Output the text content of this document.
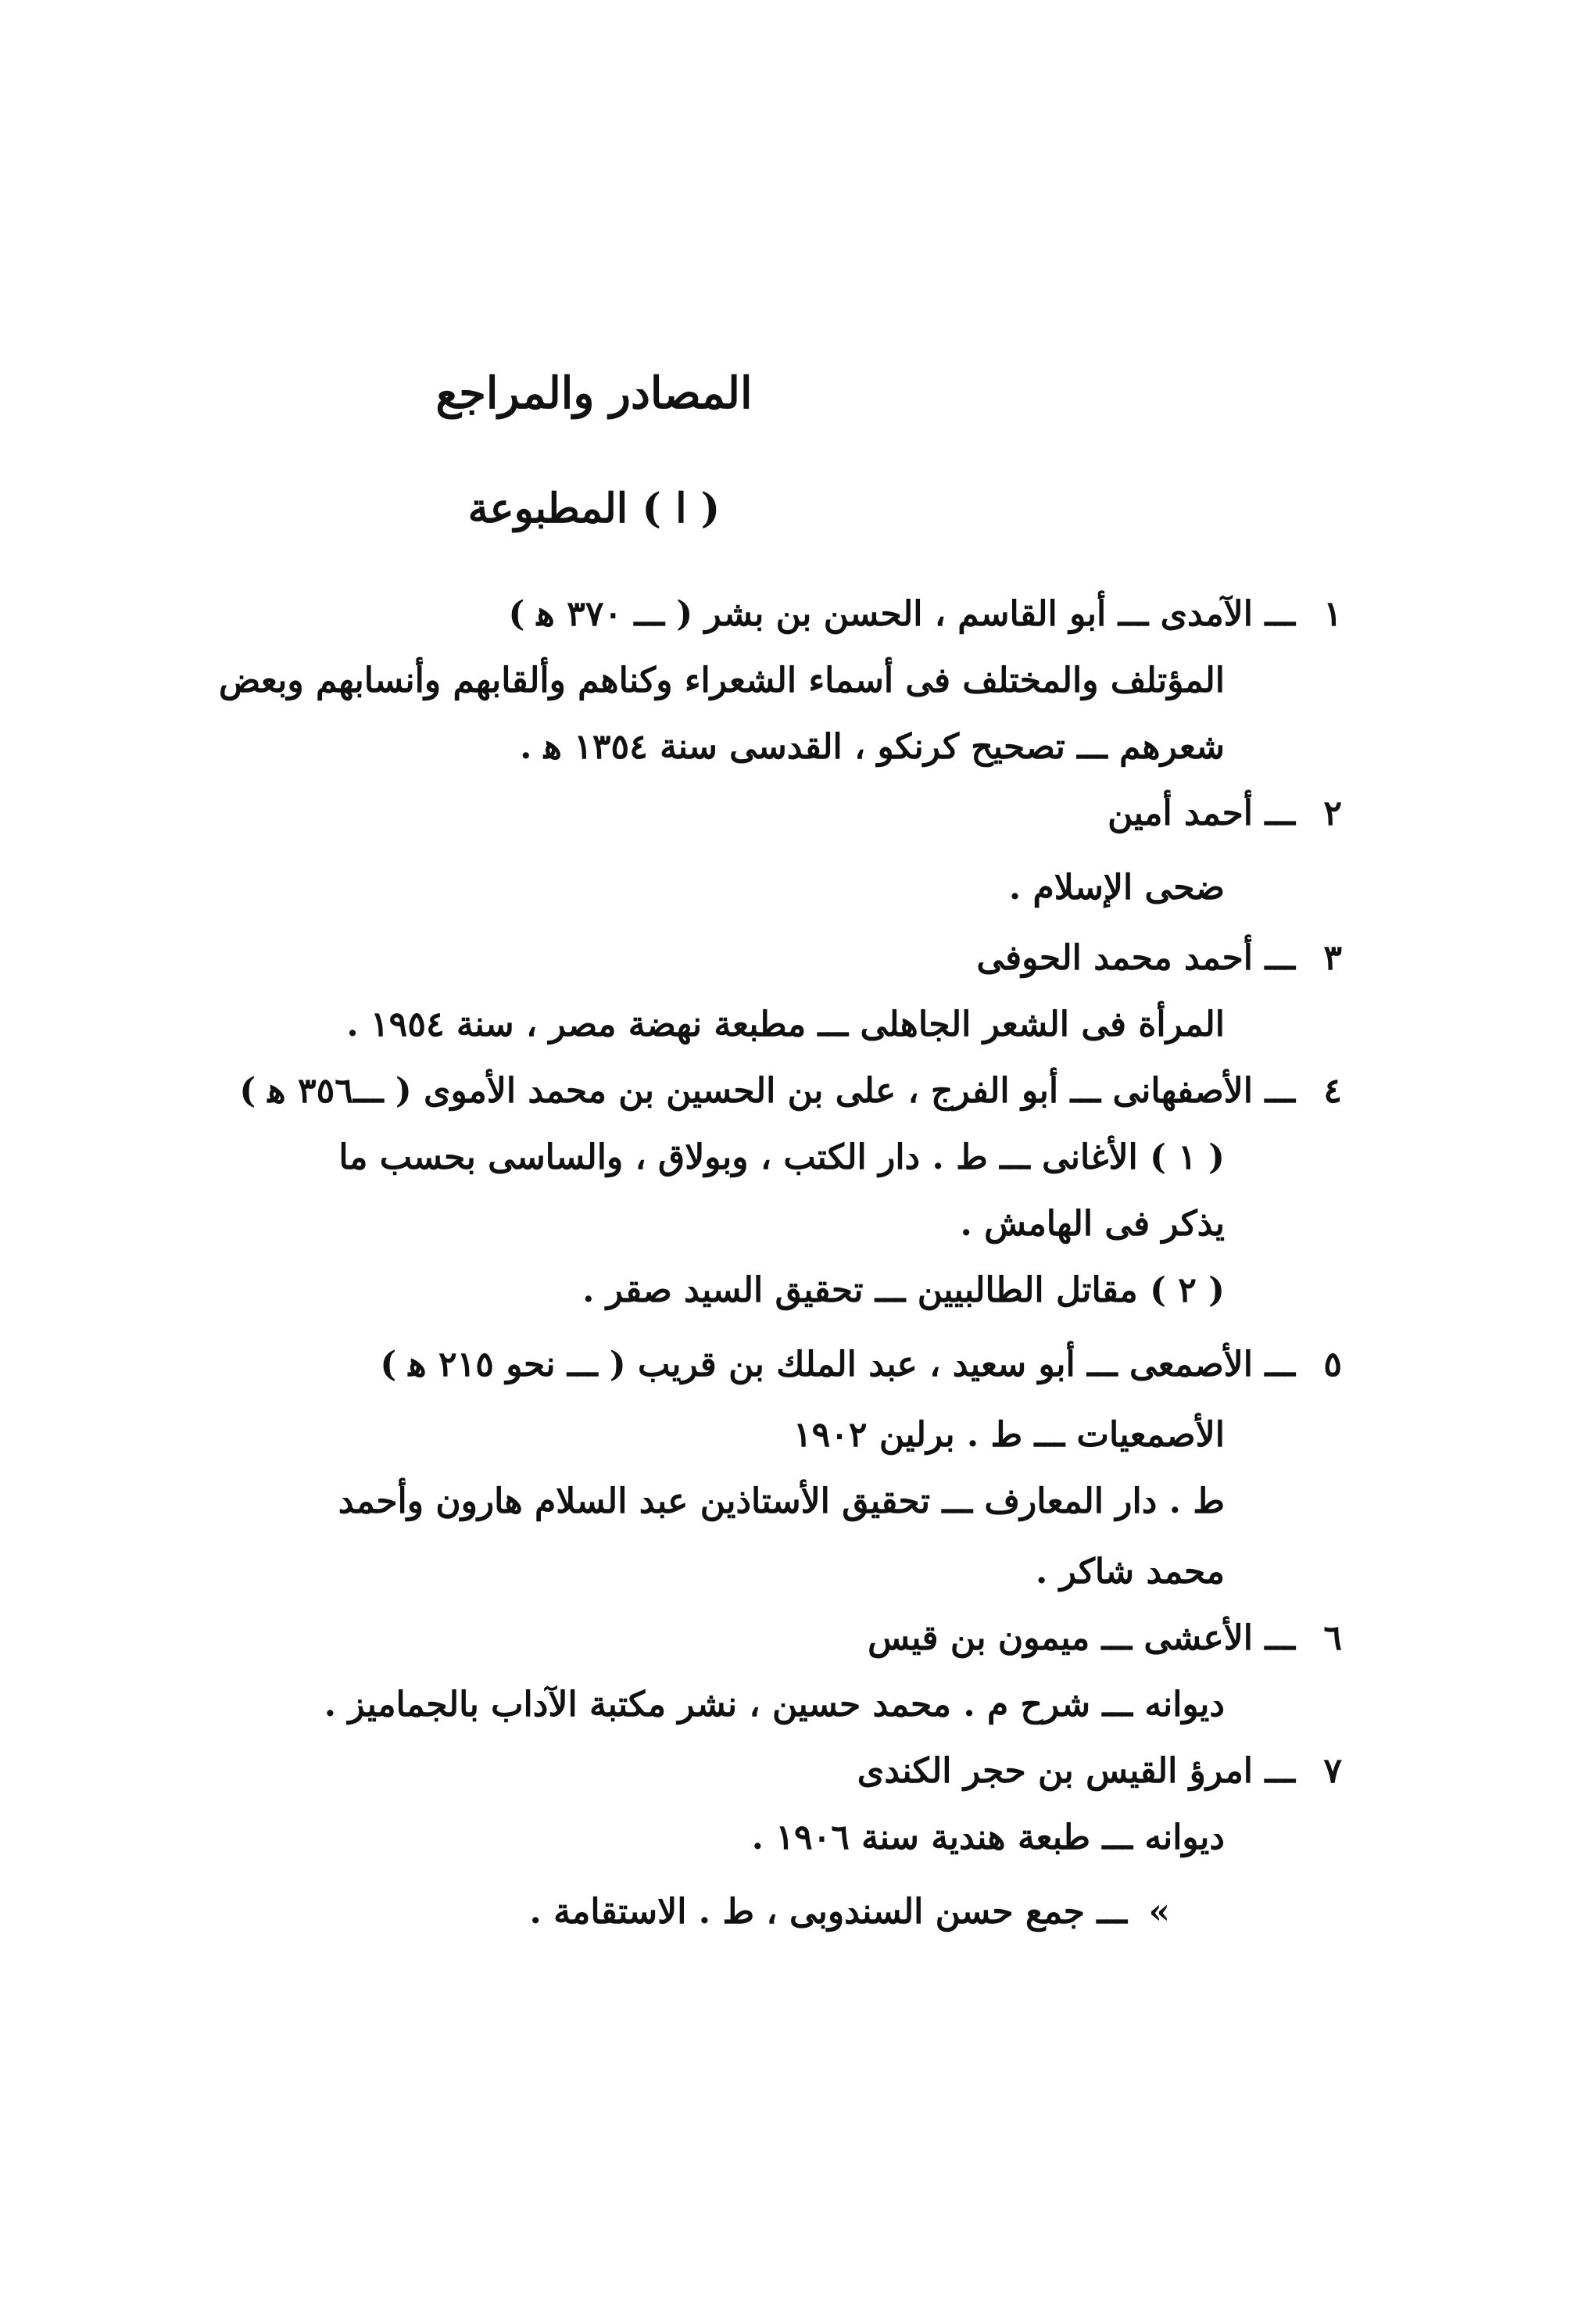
المصادر والمراجع
( ا ) المطبوعة
١
ـــ الآمدى ـــ أبو القاسم ، الحسن بن بشر ( ـــ ٣٧٠ ﻫ )
المؤتلف والمختلف فى أسماء الشعراء وكناهم وألقابهم وأنسابهم وبعض
شعرهم ـــ تصحيح كرنكو ، القدسى سنة ١٣٥٤ ﻫ .
٢
ـــ أحمد أمين
ضحى الإسلام .
٣
ـــ أحمد محمد الحوفى
المرأة فى الشعر الجاهلى ـــ مطبعة نهضة مصر ، سنة ١٩٥٤ .
٤
ـــ الأصفهانى ـــ أبو الفرج ، على بن الحسين بن محمد الأموى ( ـــ٣٥٦ ﻫ )
( ١ ) الأغانى ـــ ط . دار الكتب ، وبولاق ، والساسى بحسب ما
يذكر فى الهامش .
( ٢ ) مقاتل الطالبيين ـــ تحقيق السيد صقر .
٥
ـــ الأصمعى ـــ أبو سعيد ، عبد الملك بن قريب ( ـــ نحو ٢١٥ ﻫ )
الأصمعيات ـــ ط . برلين ١٩٠٢
ط . دار المعارف ـــ تحقيق الأستاذين عبد السلام هارون وأحمد
محمد شاكر .
٦
ـــ الأعشى ـــ ميمون بن قيس
ديوانه ـــ شرح م . محمد حسين ، نشر مكتبة الآداب بالجماميز .
٧
ـــ امرؤ القيس بن حجر الكندى
ديوانه ـــ طبعة هندية سنة ١٩٠٦ .
»
ـــ جمع حسن السندوبى ، ط . الاستقامة .
